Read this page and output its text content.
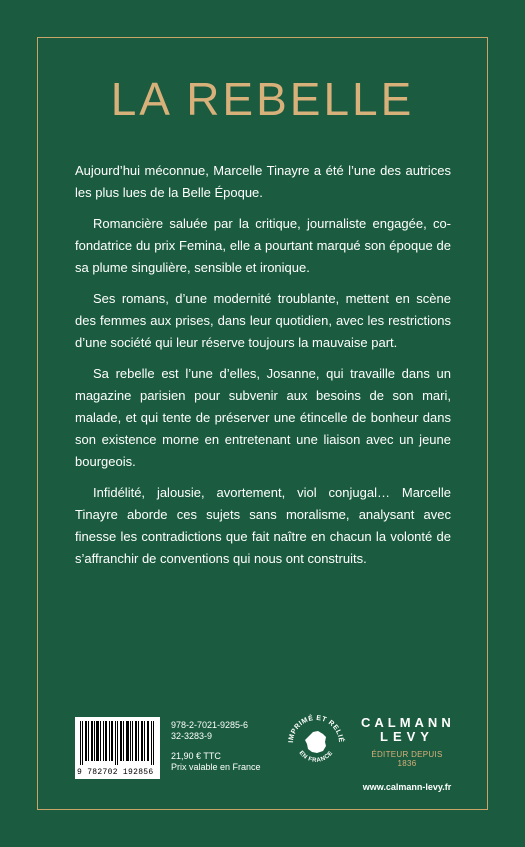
LA REBELLE

Aujourd’hui méconnue, Marcelle Tinayre a été l’une des autrices les plus lues de la Belle Époque.

Romancière saluée par la critique, journaliste engagée, co-fondatrice du prix Femina, elle a pourtant marqué son époque de sa plume singulière, sensible et ironique.

Ses romans, d’une modernité troublante, mettent en scène des femmes aux prises, dans leur quotidien, avec les restrictions d’une société qui leur réserve toujours la mauvaise part.

Sa rebelle est l’une d’elles, Josanne, qui travaille dans un magazine parisien pour subvenir aux besoins de son mari, malade, et qui tente de préserver une étincelle de bonheur dans son existence morne en entretenant une liaison avec un jeune bourgeois.

Infidélité, jalousie, avortement, viol conjugal… Marcelle Tinayre aborde ces sujets sans moralisme, analysant avec finesse les contradictions que fait naître en chacun la volonté de s’affranchir de conventions qui nous ont construits.

9 782702 192856
978-2-7021-9285-6
32-3283-9
21,90 € TTC
Prix valable en France
IMPRIMÉ ET RELIÉ
EN FRANCE
CALMANN
LEVY
ÉDITEUR DEPUIS 1836
www.calmann-levy.fr
